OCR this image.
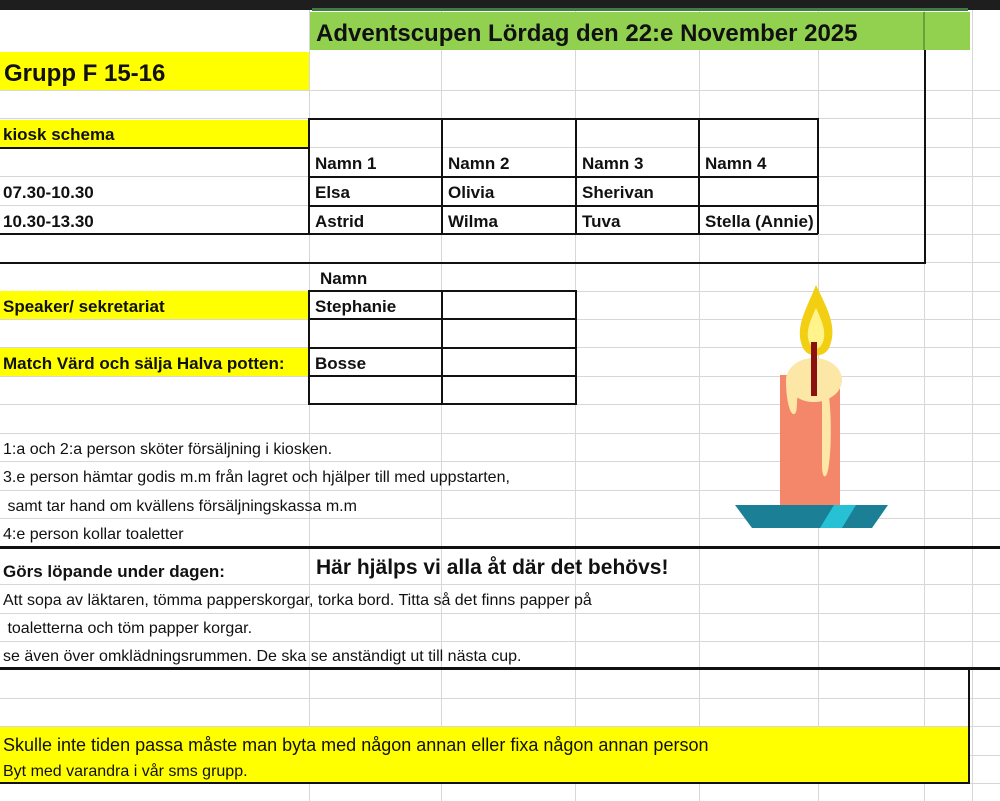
Adventscupen Lördag den 22:e November 2025
Grupp F 15-16
kiosk schema
Namn 1	Namn 2	Namn 3	Namn 4
07.30-10.30	Elsa	Olivia	Sherivan
10.30-13.30	Astrid	Wilma	Tuva	Stella (Annie)
Namn
Speaker/ sekretariat	Stephanie
Match Värd och sälja Halva potten: Bosse
1:a och 2:a person sköter försäljning i kiosken.
3.e person hämtar godis m.m från lagret och hjälper till med uppstarten,
samt tar hand om kvällens försäljningskassa m.m
4:e person kollar toaletter
Görs löpande under dagen:	Här hjälps vi alla åt där det behövs!
Att sopa av läktaren, tömma papperskorgar, torka bord. Titta så det finns papper på
toaletterna och töm papper korgar.
se även över omklädningsrummen. De ska se anständigt ut till nästa cup.
Skulle inte tiden passa måste man byta med någon annan eller fixa någon annan person
Byt med varandra i vår sms grupp.
